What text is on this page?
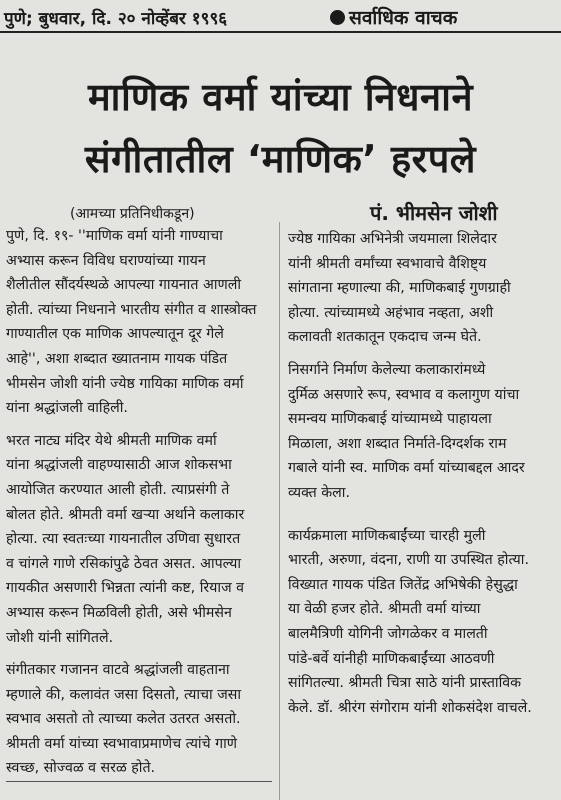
पुणे; बुधवार, दि. २० नोव्हेंबर १९९६	सर्वाधिक वाचक
माणिक वर्मा यांच्या निधनाने
संगीतातील ‘माणिक’ हरपले
(आमच्या प्रतिनिधीकडून)	पं. भीमसेन जोशी
पुणे, दि. १९- ''माणिक वर्मा यांनी गाण्याचा
अभ्यास करून विविध घराण्यांच्या गायन
शैलीतील सौंदर्यस्थळे आपल्या गायनात आणली
होती. त्यांच्या निधनाने भारतीय संगीत व शास्त्रोक्त
गाण्यातील एक माणिक आपल्यातून दूर गेले
आहे'', अशा शब्दात ख्यातनाम गायक पंडित
भीमसेन जोशी यांनी ज्येष्ठ गायिका माणिक वर्मा
यांना श्रद्धांजली वाहिली.
भरत नाट्य मंदिर येथे श्रीमती माणिक वर्मा
यांना श्रद्धांजली वाहण्यासाठी आज शोकसभा
आयोजित करण्यात आली होती. त्याप्रसंगी ते
बोलत होते. श्रीमती वर्मा खऱ्या अर्थाने कलाकार
होत्या. त्या स्वतःच्या गायनातील उणिवा सुधारत
व चांगले गाणे रसिकांपुढे ठेवत असत. आपल्या
गायकीत असणारी भिन्नता त्यांनी कष्ट, रियाज व
अभ्यास करून मिळविली होती, असे भीमसेन
जोशी यांनी सांगितले.
संगीतकार गजानन वाटवे श्रद्धांजली वाहताना
म्हणाले की, कलावंत जसा दिसतो, त्याचा जसा
स्वभाव असतो तो त्याच्या कलेत उतरत असतो.
श्रीमती वर्मा यांच्या स्वभावाप्रमाणेच त्यांचे गाणे
स्वच्छ, सोज्वळ व सरळ होते.
ज्येष्ठ गायिका अभिनेत्री जयमाला शिलेदार
यांनी श्रीमती वर्मांच्या स्वभावाचे वैशिष्ट्य
सांगताना म्हणाल्या की, माणिकबाई गुणग्राही
होत्या. त्यांच्यामध्ये अहंभाव नव्हता, अशी
कलावती शतकातून एकदाच जन्म घेते.
निसर्गाने निर्माण केलेल्या कलाकारांमध्ये
दुर्मिळ असणारे रूप, स्वभाव व कलागुण यांचा
समन्वय माणिकबाई यांच्यामध्ये पाहायला
मिळाला, अशा शब्दात निर्माते-दिग्दर्शक राम
गबाले यांनी स्व. माणिक वर्मा यांच्याबद्दल आदर
व्यक्त केला.
कार्यक्रमाला माणिकबाईंच्या चारही मुली
भारती, अरुणा, वंदना, राणी या उपस्थित होत्या.
विख्यात गायक पंडित जितेंद्र अभिषेकी हेसुद्धा
या वेळी हजर होते. श्रीमती वर्मा यांच्या
बालमैत्रिणी योगिनी जोगळेकर व मालती
पांडे-बर्वे यांनीही माणिकबाईंच्या आठवणी
सांगितल्या. श्रीमती चित्रा साठे यांनी प्रास्ताविक
केले. डॉ. श्रीरंग संगोराम यांनी शोकसंदेश वाचले.
